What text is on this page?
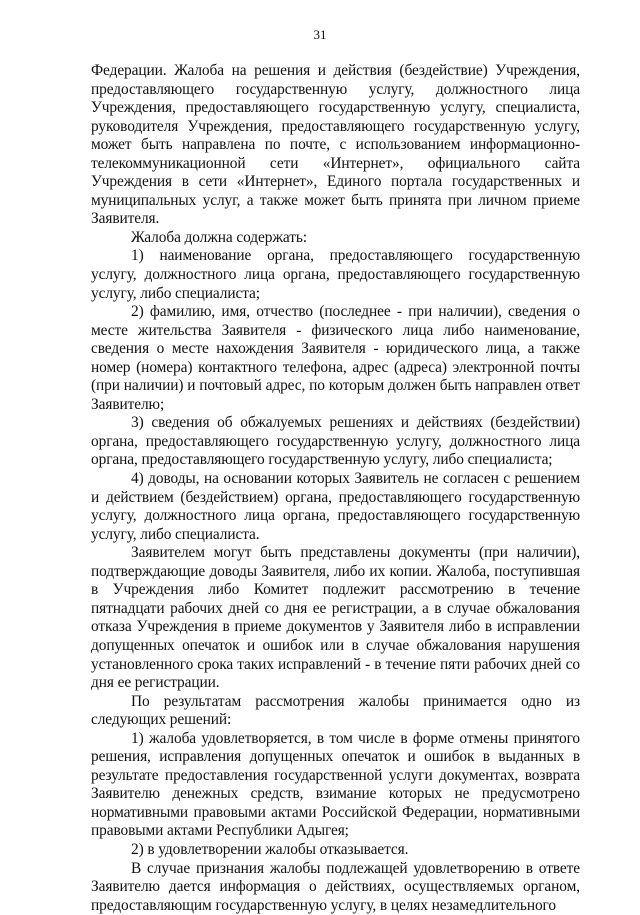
31

Федерации. Жалоба на решения и действия (бездействие) Учреждения, предоставляющего государственную услугу, должностного лица Учреждения, предоставляющего государственную услугу, специалиста, руководителя Учреждения, предоставляющего государственную услугу, может быть направлена по почте, с использованием информационно-телекоммуникационной сети «Интернет», официального сайта Учреждения в сети «Интернет», Единого портала государственных и муниципальных услуг, а также может быть принята при личном приеме Заявителя.

Жалоба должна содержать:

1) наименование органа, предоставляющего государственную услугу, должностного лица органа, предоставляющего государственную услугу, либо специалиста;

2) фамилию, имя, отчество (последнее - при наличии), сведения о месте жительства Заявителя - физического лица либо наименование, сведения о месте нахождения Заявителя - юридического лица, а также номер (номера) контактного телефона, адрес (адреса) электронной почты (при наличии) и почтовый адрес, по которым должен быть направлен ответ Заявителю;

3) сведения об обжалуемых решениях и действиях (бездействии) органа, предоставляющего государственную услугу, должностного лица органа, предоставляющего государственную услугу, либо специалиста;

4) доводы, на основании которых Заявитель не согласен с решением и действием (бездействием) органа, предоставляющего государственную услугу, должностного лица органа, предоставляющего государственную услугу, либо специалиста.

Заявителем могут быть представлены документы (при наличии), подтверждающие доводы Заявителя, либо их копии. Жалоба, поступившая в Учреждения либо Комитет подлежит рассмотрению в течение пятнадцати рабочих дней со дня ее регистрации, а в случае обжалования отказа Учреждения в приеме документов у Заявителя либо в исправлении допущенных опечаток и ошибок или в случае обжалования нарушения установленного срока таких исправлений - в течение пяти рабочих дней со дня ее регистрации.

По результатам рассмотрения жалобы принимается одно из следующих решений:

1) жалоба удовлетворяется, в том числе в форме отмены принятого решения, исправления допущенных опечаток и ошибок в выданных в результате предоставления государственной услуги документах, возврата Заявителю денежных средств, взимание которых не предусмотрено нормативными правовыми актами Российской Федерации, нормативными правовыми актами Республики Адыгея;

2) в удовлетворении жалобы отказывается.

В случае признания жалобы подлежащей удовлетворению в ответе Заявителю дается информация о действиях, осуществляемых органом, предоставляющим государственную услугу, в целях незамедлительного
